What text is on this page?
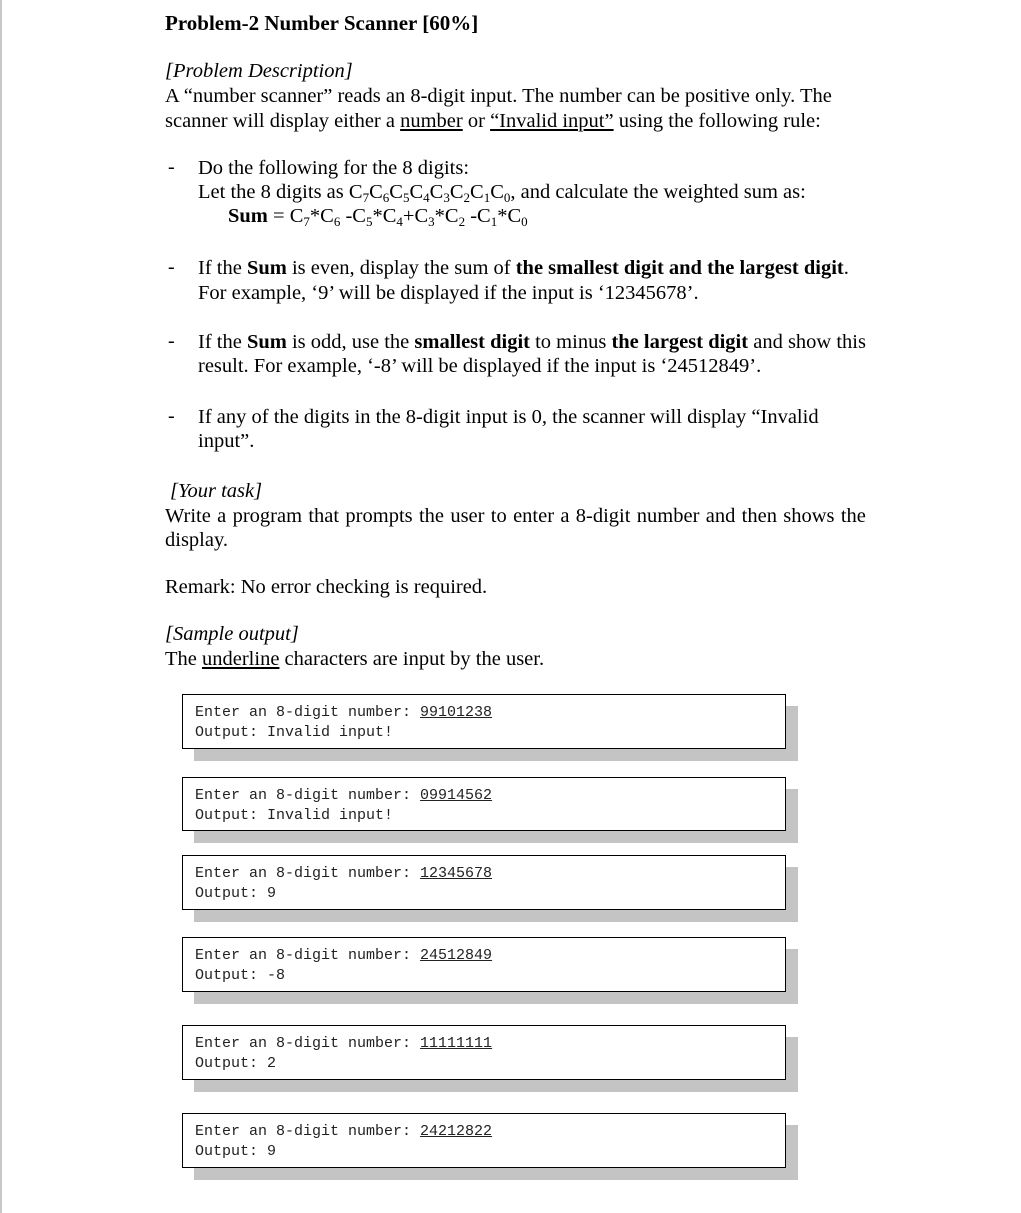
Problem-2 Number Scanner [60%]
[Problem Description]
A “number scanner” reads an 8-digit input. The number can be positive only. The
scanner will display either a number or “Invalid input” using the following rule:
- Do the following for the 8 digits:
Let the 8 digits as $C_7C_6C_5C_4C_3C_2C_1C_0$, and calculate the weighted sum as:
Sum = $C_7*C_6$ $-C_5*C_4+C_3*C_2$ $-C_1*C_0$
- If the Sum is even, display the sum of the smallest digit and the largest digit.
For example, ‘9’ will be displayed if the input is ‘12345678’.
- If the Sum is odd, use the smallest digit to minus the largest digit and show this
result. For example, ‘-8’ will be displayed if the input is ‘24512849’.
- If any of the digits in the 8-digit input is 0, the scanner will display “Invalid
input”.
[Your task]
Write a program that prompts the user to enter a 8-digit number and then shows the
display.
Remark: No error checking is required.
[Sample output]
The underline characters are input by the user.
Enter an 8-digit number: 99101238
Output: Invalid input!
Enter an 8-digit number: 09914562
Output: Invalid input!
Enter an 8-digit number: 12345678
Output: 9
Enter an 8-digit number: 24512849
Output: -8
Enter an 8-digit number: 11111111
Output: 2
Enter an 8-digit number: 24212822
Output: 9
